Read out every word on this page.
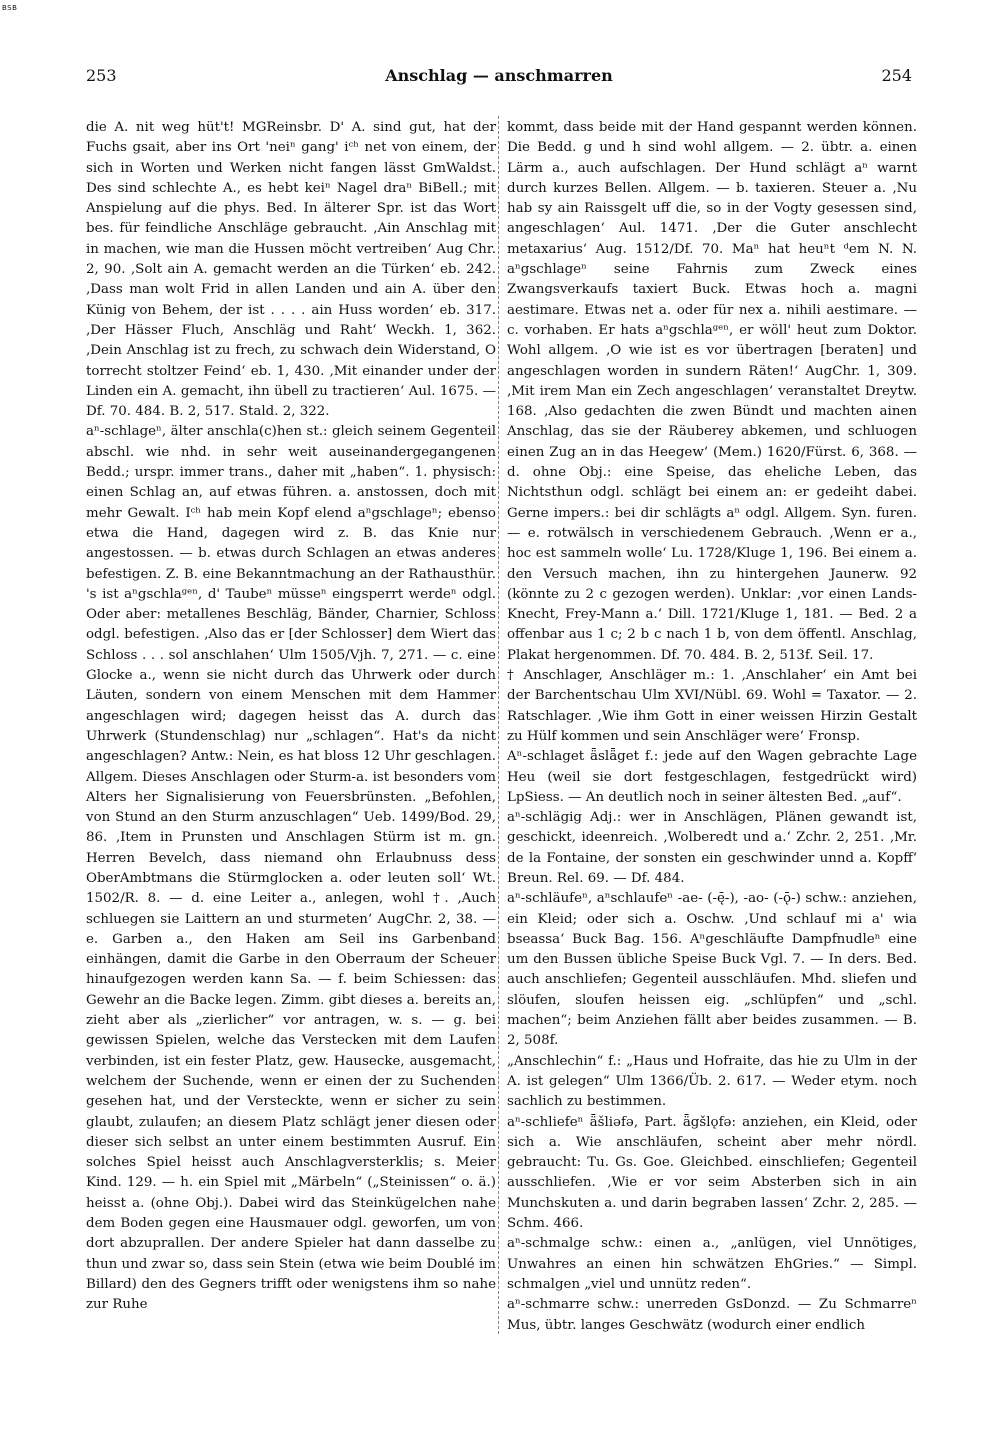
BSB
253	Anschlag — anschmarren	254

die A. nit weg hüt't! MGReinsbr. D' A. sind gut, hat der Fuchs gsait, aber ins Ort 'neiⁿ gang' iᶜʰ net von einem, der sich in Worten und Werken nicht fangen lässt GmWaldst. Des sind schlechte A., es hebt keiⁿ Nagel draⁿ BiBell.; mit Anspielung auf die phys. Bed. In älterer Spr. ist das Wort bes. für feindliche Anschläge gebraucht. ‚Ain Anschlag mit in machen, wie man die Hussen möcht vertreiben‘ Aug Chr. 2, 90. ‚Solt ain A. gemacht werden an die Türken‘ eb. 242. ‚Dass man wolt Frid in allen Landen und ain A. über den Künig von Behem, der ist . . . . ain Huss worden‘ eb. 317. ‚Der Hässer Fluch, Anschläg und Raht‘ Weckh. 1, 362. ‚Dein Anschlag ist zu frech, zu schwach dein Widerstand, O torrecht stoltzer Feind‘ eb. 1, 430. ‚Mit einander under der Linden ein A. gemacht, ihn übell zu tractieren‘ Aul. 1675. — Df. 70. 484. B. 2, 517. Stald. 2, 322.

aⁿ-schlageⁿ, älter anschla(c)hen st.: gleich seinem Gegenteil abschl. wie nhd. in sehr weit auseinandergegangenen Bedd.; urspr. immer trans., daher mit „haben“. 1. physisch: einen Schlag an, auf etwas führen. a. anstossen, doch mit mehr Gewalt. Iᶜʰ hab mein Kopf elend aⁿgschlageⁿ; ebenso etwa die Hand, dagegen wird z. B. das Knie nur angestossen. — b. etwas durch Schlagen an etwas anderes befestigen. Z. B. eine Bekanntmachung an der Rathausthür. 's ist aⁿgschlaᵍᵉⁿ, d' Taubeⁿ müsseⁿ eingsperrt werdeⁿ odgl. Oder aber: metallenes Beschläg, Bänder, Charnier, Schloss odgl. befestigen. ‚Also das er [der Schlosser] dem Wiert das Schloss . . . sol anschlahen‘ Ulm 1505/Vjh. 7, 271. — c. eine Glocke a., wenn sie nicht durch das Uhrwerk oder durch Läuten, sondern von einem Menschen mit dem Hammer angeschlagen wird; dagegen heisst das A. durch das Uhrwerk (Stundenschlag) nur „schlagen“. Hat's da nicht angeschlagen? Antw.: Nein, es hat bloss 12 Uhr geschlagen. Allgem. Dieses Anschlagen oder Sturm-a. ist besonders vom Alters her Signalisierung von Feuersbrünsten. „Befohlen, von Stund an den Sturm anzuschlagen“ Ueb. 1499/Bod. 29, 86. ‚Item in Prunsten und Anschlagen Stürm ist m. gn. Herren Bevelch, dass niemand ohn Erlaubnuss dess OberAmbtmans die Stürmglocken a. oder leuten soll‘ Wt. 1502/R. 8. — d. eine Leiter a., anlegen, wohl †. ‚Auch schluegen sie Laittern an und sturmeten‘ AugChr. 2, 38. — e. Garben a., den Haken am Seil ins Garbenband einhängen, damit die Garbe in den Oberraum der Scheuer hinaufgezogen werden kann Sa. — f. beim Schiessen: das Gewehr an die Backe legen. Zimm. gibt dieses a. bereits an, zieht aber als „zierlicher“ vor antragen, w. s. — g. bei gewissen Spielen, welche das Verstecken mit dem Laufen verbinden, ist ein fester Platz, gew. Hausecke, ausgemacht, welchem der Suchende, wenn er einen der zu Suchenden gesehen hat, und der Versteckte, wenn er sicher zu sein glaubt, zulaufen; an diesem Platz schlägt jener diesen oder dieser sich selbst an unter einem bestimmten Ausruf. Ein solches Spiel heisst auch Anschlagversterklis; s. Meier Kind. 129. — h. ein Spiel mit „Märbeln“ („Steinissen“ o. ä.) heisst a. (ohne Obj.). Dabei wird das Steinkügelchen nahe dem Boden gegen eine Hausmauer odgl. geworfen, um von dort abzuprallen. Der andere Spieler hat dann dasselbe zu thun und zwar so, dass sein Stein (etwa wie beim Doublé im Billard) den des Gegners trifft oder wenigstens ihm so nahe zur Ruhe

kommt, dass beide mit der Hand gespannt werden können. Die Bedd. g und h sind wohl allgem. — 2. übtr. a. einen Lärm a., auch aufschlagen. Der Hund schlägt aⁿ warnt durch kurzes Bellen. Allgem. — b. taxieren. Steuer a. ‚Nu hab sy ain Raissgelt uff die, so in der Vogty gesessen sind, angeschlagen‘ Aul. 1471. ‚Der die Guter anschlecht metaxarius‘ Aug. 1512/Df. 70. Maⁿ hat heuⁿt ᵈem N. N. aⁿgschlageⁿ seine Fahrnis zum Zweck eines Zwangsverkaufs taxiert Buck. Etwas hoch a. magni aestimare. Etwas net a. oder für nex a. nihili aestimare. — c. vorhaben. Er hats aⁿgschlaᵍᵉⁿ, er wöll' heut zum Doktor. Wohl allgem. ‚O wie ist es vor übertragen [beraten] und angeschlagen worden in sundern Räten!‘ AugChr. 1, 309. ‚Mit irem Man ein Zech angeschlagen‘ veranstaltet Dreytw. 168. ‚Also gedachten die zwen Bündt und machten ainen Anschlag, das sie der Räuberey abkemen, und schluogen einen Zug an in das Heegew‘ (Mem.) 1620/Fürst. 6, 368. — d. ohne Obj.: eine Speise, das eheliche Leben, das Nichtsthun odgl. schlägt bei einem an: er gedeiht dabei. Gerne impers.: bei dir schlägts aⁿ odgl. Allgem. Syn. furen. — e. rotwälsch in verschiedenem Gebrauch. ‚Wenn er a., hoc est sammeln wolle‘ Lu. 1728/Kluge 1, 196. Bei einem a. den Versuch machen, ihn zu hintergehen Jaunerw. 92 (könnte zu 2 c gezogen werden). Unklar: ‚vor einen Lands-Knecht, Frey-Mann a.‘ Dill. 1721/Kluge 1, 181. — Bed. 2 a offenbar aus 1 c; 2 b c nach 1 b, von dem öffentl. Anschlag, Plakat hergenommen. Df. 70. 484. B. 2, 513f. Seil. 17.

† Anschlager, Anschläger m.: 1. ‚Anschlaher‘ ein Amt bei der Barchentschau Ulm XVI/Nübl. 69. Wohl = Taxator. — 2. Ratschlager. ‚Wie ihm Gott in einer weissen Hirzin Gestalt zu Hülf kommen und sein Anschläger were‘ Fronsp.

Aⁿ-schlaget ǟslǟget f.: jede auf den Wagen gebrachte Lage Heu (weil sie dort festgeschlagen, festgedrückt wird) LpSiess. — An deutlich noch in seiner ältesten Bed. „auf“.

aⁿ-schlägig Adj.: wer in Anschlägen, Plänen gewandt ist, geschickt, ideenreich. ‚Wolberedt und a.‘ Zchr. 2, 251. ‚Mr. de la Fontaine, der sonsten ein geschwinder unnd a. Kopff‘ Breun. Rel. 69. — Df. 484.

aⁿ-schläufeⁿ, aⁿschlaufeⁿ -ae- (-ę̄-), -ao- (-ǭ-) schw.: anziehen, ein Kleid; oder sich a. Oschw. ‚Und schlauf mi a' wia bseassa‘ Buck Bag. 156. Aⁿgeschläufte Dampfnudleⁿ eine um den Bussen übliche Speise Buck Vgl. 7. — In ders. Bed. auch anschliefen; Gegenteil ausschläufen. Mhd. sliefen und slöufen, sloufen heissen eig. „schlüpfen“ und „schl. machen“; beim Anziehen fällt aber beides zusammen. — B. 2, 508f.

„Anschlechin“ f.: „Haus und Hofraite, das hie zu Ulm in der A. ist gelegen“ Ulm 1366/Üb. 2. 617. — Weder etym. noch sachlich zu bestimmen.

aⁿ-schliefeⁿ ǟšliəfə, Part. ǟgšlǫfə: anziehen, ein Kleid, oder sich a. Wie anschläufen, scheint aber mehr nördl. gebraucht: Tu. Gs. Goe. Gleichbed. einschliefen; Gegenteil ausschliefen. ‚Wie er vor seim Absterben sich in ain Munchskuten a. und darin begraben lassen‘ Zchr. 2, 285. — Schm. 466.

aⁿ-schmalge schw.: einen a., „anlügen, viel Unnötiges, Unwahres an einen hin schwätzen EhGries.“ — Simpl. schmalgen „viel und unnütz reden“.

aⁿ-schmarre schw.: unerreden GsDonzd. — Zu Schmarreⁿ Mus, übtr. langes Geschwätz (wodurch einer endlich
